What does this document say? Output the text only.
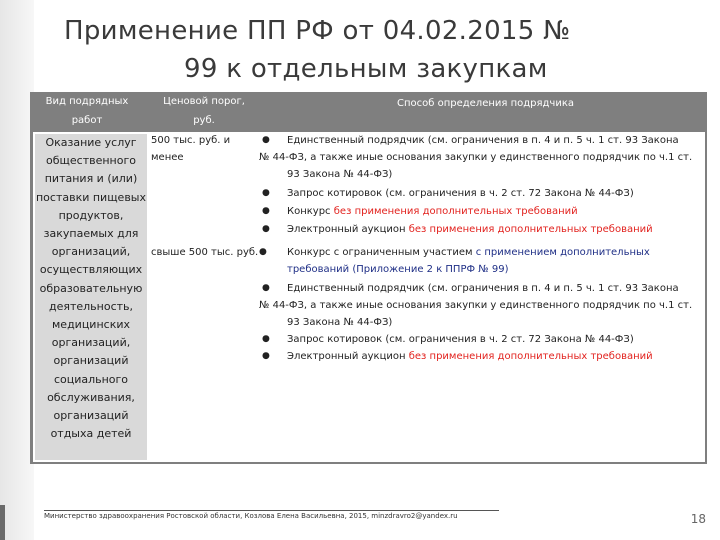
Применение ПП РФ от 04.02.2015 №
99 к отдельным закупкам
Вид подрядных
работ
Ценовой порог,
руб.
Способ определения подрядчика
Оказание услуг
общественного
питания и (или)
поставки пищевых
продуктов,
закупаемых для
организаций,
осуществляющих
образовательную
деятельность,
медицинских
организаций,
организаций
социального
обслуживания,
организаций
отдыха детей
500 тыс. руб. и
менее
свыше 500 тыс. руб.
● Единственный подрядчик (см. ограничения в п. 4 и п. 5 ч. 1 ст. 93 Закона
№ 44-ФЗ, а также иные основания закупки у единственного подрядчик по ч.1 ст.
93 Закона № 44-ФЗ)
● Запрос котировок (см. ограничения в ч. 2 ст. 72 Закона № 44-ФЗ)
● Конкурс без применения дополнительных требований
● Электронный аукцион без применения дополнительных требований
● Конкурс с ограниченным участием с применением дополнительных
требований (Приложение 2 к ППРФ № 99)
● Единственный подрядчик (см. ограничения в п. 4 и п. 5 ч. 1 ст. 93 Закона
№ 44-ФЗ, а также иные основания закупки у единственного подрядчик по ч.1 ст.
93 Закона № 44-ФЗ)
● Запрос котировок (см. ограничения в ч. 2 ст. 72 Закона № 44-ФЗ)
● Электронный аукцион без применения дополнительных требований
Министерство здравоохранения Ростовской области, Козлова Елена Васильевна, 2015, minzdravro2@yandex.ru	18
